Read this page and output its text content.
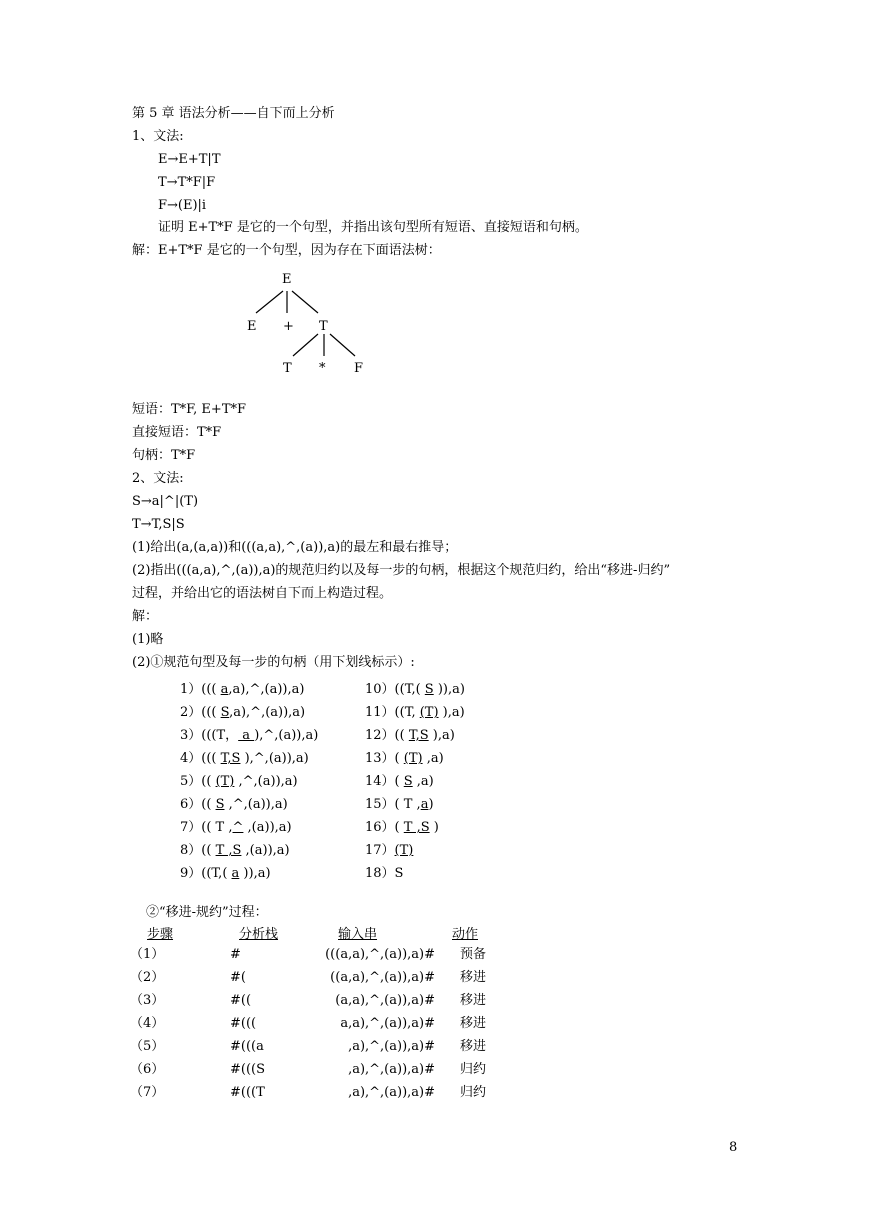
第 5 章 语法分析——自下而上分析
1、文法:
E→E+T|T
T→T*F|F
F→(E)|i
证明 E+T*F 是它的一个句型，并指出该句型所有短语、直接短语和句柄。
解：E+T*F 是它的一个句型，因为存在下面语法树：
E
E + T
T * F
短语：T*F, E+T*F
直接短语：T*F
句柄：T*F
2、文法:
S→a|^|(T)
T→T,S|S
(1)给出(a,(a,a))和(((a,a),^,(a)),a)的最左和最右推导；
(2)指出(((a,a),^,(a)),a)的规范归约以及每一步的句柄，根据这个规范归约，给出“移进-归约”
过程，并给出它的语法树自下而上构造过程。
解：
(1)略
(2)①规范句型及每一步的句柄（用下划线标示）:
1）((( a,a),^,(a)),a)
2）((( S,a),^,(a)),a)
3）(((T， a ),^,(a)),a)
4）((( T,S ),^,(a)),a)
5）(( (T) ,^,(a)),a)
6）(( S ,^,(a)),a)
7）(( T ,^ ,(a)),a)
8）(( T ,S ,(a)),a)
9）((T,( a )),a)
10）((T,( S )),a)
11）((T, (T) ),a)
12）(( T,S ),a)
13）( (T) ,a)
14）( S ,a)
15）( T ,a)
16）( T ,S )
17）(T)
18）S
②“移进-规约”过程：
步骤	分析栈	输入串	动作
（1）	#	(((a,a),^,(a)),a)# 预备
（2）	#(	((a,a),^,(a)),a)# 移进
（3）	#((	(a,a),^,(a)),a)# 移进
（4）	#(((	a,a),^,(a)),a)# 移进
（5）	#(((a	,a),^,(a)),a)# 移进
（6）	#(((S	,a),^,(a)),a)# 归约
（7）	#(((T	,a),^,(a)),a)# 归约
8
